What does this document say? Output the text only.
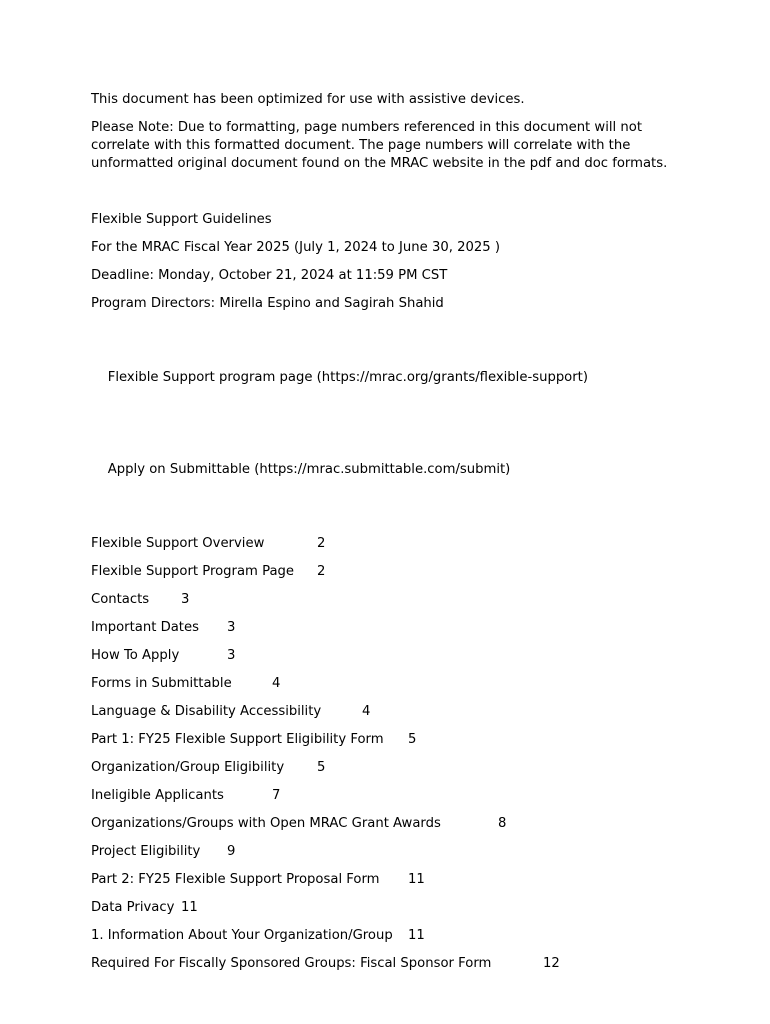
This document has been optimized for use with assistive devices.

Please Note: Due to formatting, page numbers referenced in this document will not correlate with this formatted document. The page numbers will correlate with the unformatted original document found on the MRAC website in the pdf and doc formats.

Flexible Support Guidelines

For the MRAC Fiscal Year 2025 (July 1, 2024 to June 30, 2025 )

Deadline: Monday, October 21, 2024 at 11:59 PM CST

Program Directors: Mirella Espino and Sagirah Shahid

Flexible Support program page (https://mrac.org/grants/flexible-support)

Apply on Submittable (https://mrac.submittable.com/submit)

Flexible Support Overview	2
Flexible Support Program Page 2
Contacts 3
Important Dates 3
How To Apply	3
Forms in Submittable	4
Language & Disability Accessibility	4
Part 1: FY25 Flexible Support Eligibility Form 5
Organization/Group Eligibility 5
Ineligible Applicants	7
Organizations/Groups with Open MRAC Grant Awards	8
Project Eligibility 9
Part 2: FY25 Flexible Support Proposal Form 11
Data Privacy 11
1. Information About Your Organization/Group 11
Required For Fiscally Sponsored Groups: Fiscal Sponsor Form	12
